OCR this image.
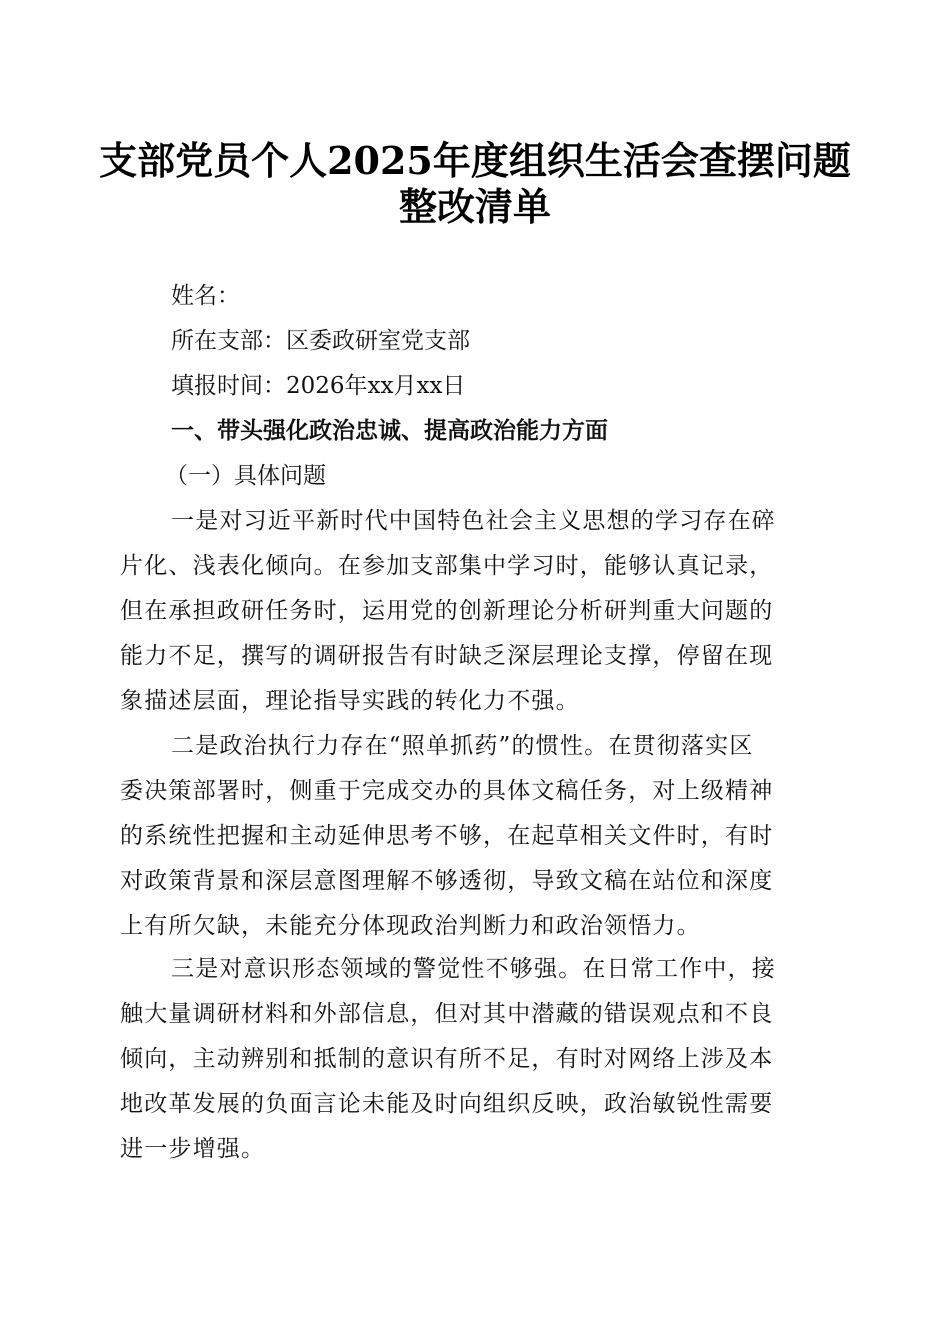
支部党员个人2025年度组织生活会查摆问题
整改清单
姓名：
所在支部：区委政研室党支部
填报时间：2026年xx月xx日
一、带头强化政治忠诚、提高政治能力方面
（一）具体问题
一是对习近平新时代中国特色社会主义思想的学习存在碎
片化、浅表化倾向。在参加支部集中学习时，能够认真记录，
但在承担政研任务时，运用党的创新理论分析研判重大问题的
能力不足，撰写的调研报告有时缺乏深层理论支撑，停留在现
象描述层面，理论指导实践的转化力不强。
二是政治执行力存在“照单抓药”的惯性。在贯彻落实区
委决策部署时，侧重于完成交办的具体文稿任务，对上级精神
的系统性把握和主动延伸思考不够，在起草相关文件时，有时
对政策背景和深层意图理解不够透彻，导致文稿在站位和深度
上有所欠缺，未能充分体现政治判断力和政治领悟力。
三是对意识形态领域的警觉性不够强。在日常工作中，接
触大量调研材料和外部信息，但对其中潜藏的错误观点和不良
倾向，主动辨别和抵制的意识有所不足，有时对网络上涉及本
地改革发展的负面言论未能及时向组织反映，政治敏锐性需要
进一步增强。
